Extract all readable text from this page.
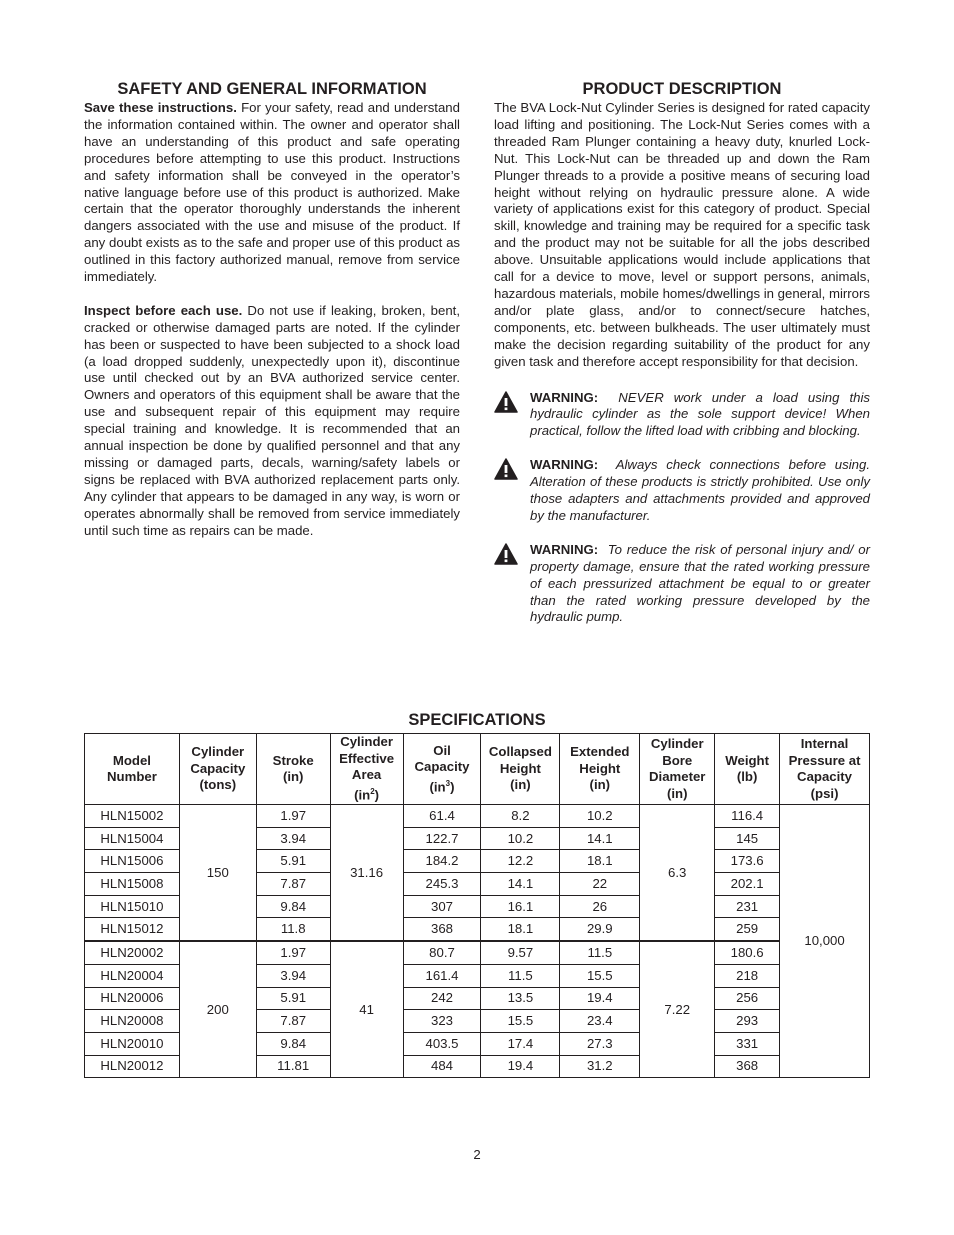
SAFETY AND GENERAL INFORMATION

Save these instructions. For your safety, read and understand the information contained within. The owner and operator shall have an understanding of this product and safe operating procedures before attempting to use this product. Instructions and safety information shall be conveyed in the operator’s native language before use of this product is authorized. Make certain that the operator thoroughly understands the inherent dangers associated with the use and misuse of the product. If any doubt exists as to the safe and proper use of this product as outlined in this factory authorized manual, remove from service immediately.

Inspect before each use. Do not use if leaking, broken, bent, cracked or otherwise damaged parts are noted. If the cylinder has been or suspected to have been subjected to a shock load (a load dropped suddenly, unexpectedly upon it), discontinue use until checked out by an BVA authorized service center. Owners and operators of this equipment shall be aware that the use and subsequent repair of this equipment may require special training and knowledge. It is recommended that an annual inspection be done by qualified personnel and that any missing or damaged parts, decals, warning/safety labels or signs be replaced with BVA authorized replacement parts only. Any cylinder that appears to be damaged in any way, is worn or operates abnormally shall be removed from service immediately until such time as repairs can be made.

PRODUCT DESCRIPTION

The BVA Lock-Nut Cylinder Series is designed for rated capacity load lifting and positioning. The Lock-Nut Series comes with a threaded Ram Plunger containing a heavy duty, knurled Lock-Nut. This Lock-Nut can be threaded up and down the Ram Plunger threads to a provide a positive means of securing load height without relying on hydraulic pressure alone. A wide variety of applications exist for this category of product. Special skill, knowledge and training may be required for a specific task and the product may not be suitable for all the jobs described above. Unsuitable applications would include applications that call for a device to move, level or support persons, animals, hazardous materials, mobile homes/dwellings in general, mirrors and/or plate glass, and/or to connect/secure hatches, components, etc. between bulkheads. The user ultimately must make the decision regarding suitability of the product for any given task and therefore accept responsibility for that decision.

WARNING: NEVER work under a load using this hydraulic cylinder as the sole support device! When practical, follow the lifted load with cribbing and blocking.
WARNING: Always check connections before using. Alteration of these products is strictly prohibited. Use only those adapters and attachments provided and approved by the manufacturer.
WARNING: To reduce the risk of personal injury and/ or property damage, ensure that the rated working pressure of each pressurized attachment be equal to or greater than the rated working pressure developed by the hydraulic pump.
SPECIFICATIONS
Model
Number	Cylinder
Capacity
(tons)	Stroke
(in)	Cylinder
Effective
Area
$(in^2)$	Oil
Capacity
$(in^3)$	Collapsed
Height
(in)	Extended
Height
(in)	Cylinder
Bore
Diameter
(in)	Weight
(lb)	Internal
Pressure at
Capacity
(psi)
HLN15002	150	1.97	31.16	61.4	8.2	10.2	6.3	116.4	10,000
HLN15004		3.94		122.7	10.2	14.1		145	
HLN15006		5.91		184.2	12.2	18.1		173.6	
HLN15008		7.87		245.3	14.1	22		202.1	
HLN15010		9.84		307	16.1	26		231	
HLN15012		11.8		368	18.1	29.9		259	
HLN20002	200	1.97	41	80.7	9.57	11.5	7.22	180.6	
HLN20004		3.94		161.4	11.5	15.5		218	
HLN20006		5.91		242	13.5	19.4		256	
HLN20008		7.87		323	15.5	23.4		293	
HLN20010		9.84		403.5	17.4	27.3		331	
HLN20012		11.81		484	19.4	31.2		368	
2
